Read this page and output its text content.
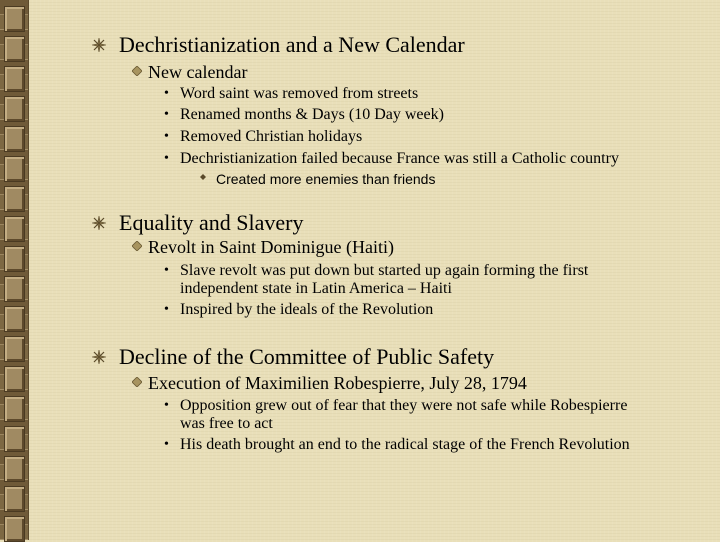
Dechristianization and a New Calendar
New calendar
• Word saint was removed from streets
• Renamed months & Days (10 Day week)
• Removed Christian holidays
• Dechristianization failed because France was still a Catholic country
Created more enemies than friends
Equality and Slavery
Revolt in Saint Dominigue (Haiti)
• Slave revolt was put down but started up again forming the first
independent state in Latin America – Haiti
• Inspired by the ideals of the Revolution
Decline of the Committee of Public Safety
Execution of Maximilien Robespierre, July 28, 1794
• Opposition grew out of fear that they were not safe while Robespierre
was free to act
• His death brought an end to the radical stage of the French Revolution
